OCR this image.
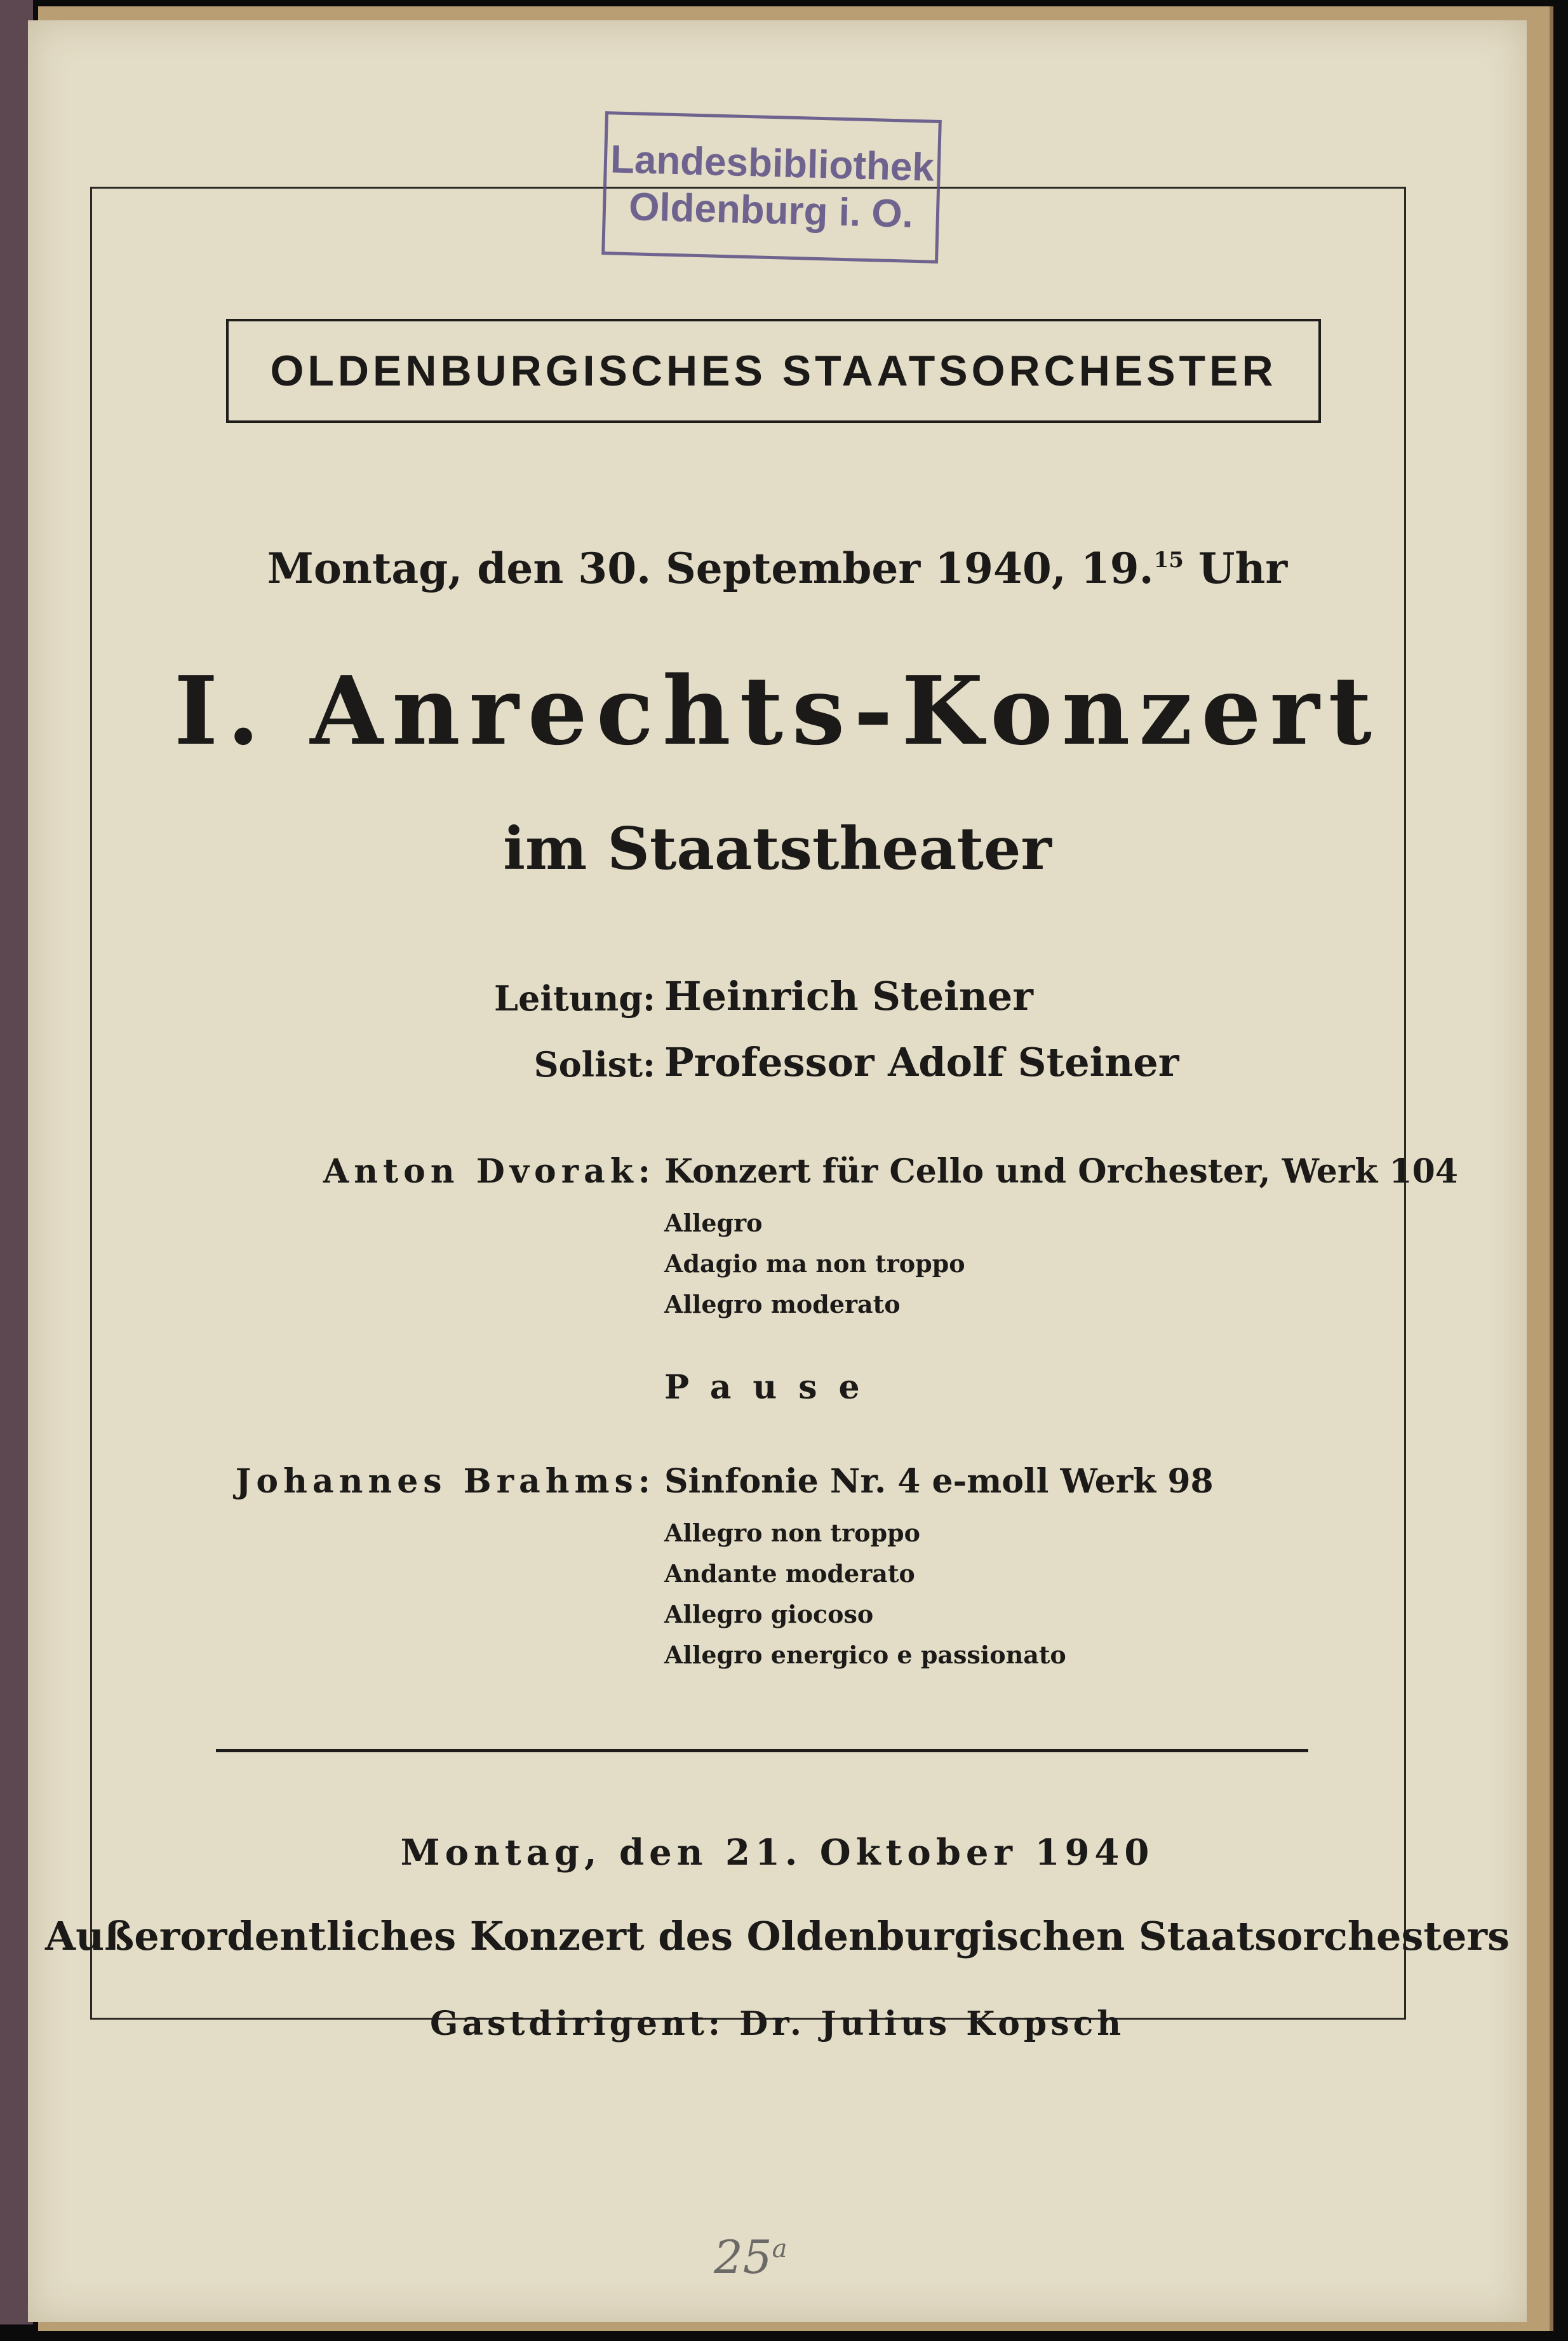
Landesbibliothek
Oldenburg i. O.
OLDENBURGISCHES STAATSORCHESTER
Montag, den 30. September 1940, 19.15 Uhr
I. Anrechts-Konzert
im Staatstheater
Leitung: Heinrich Steiner
Solist: Professor Adolf Steiner
Anton Dvorak: Konzert für Cello und Orchester, Werk 104
Allegro
Adagio ma non troppo
Allegro moderato
Pause
Johannes Brahms: Sinfonie Nr. 4 e-moll Werk 98
Allegro non troppo
Andante moderato
Allegro giocoso
Allegro energico e passionato
Montag, den 21. Oktober 1940
Außerordentliches Konzert des Oldenburgischen Staatsorchesters
Gastdirigent: Dr. Julius Kopsch
25$^a$
